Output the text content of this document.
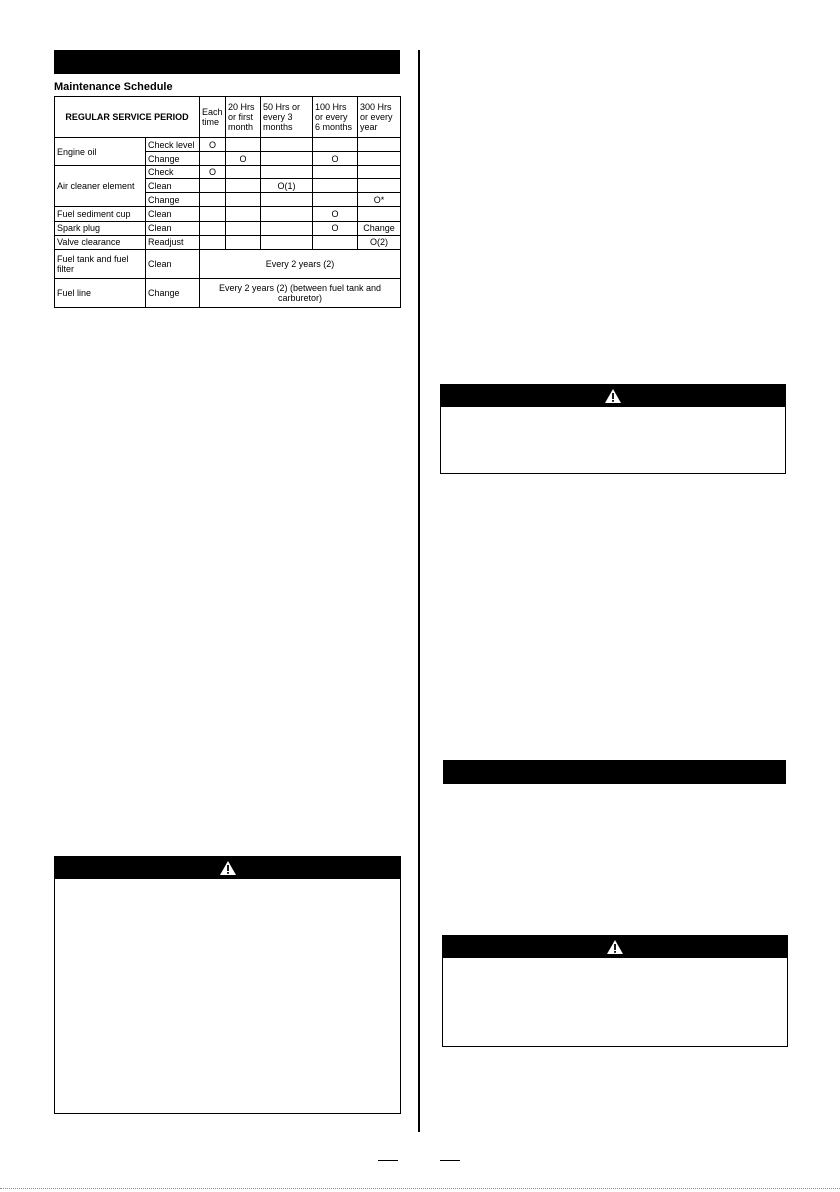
Maintenance Schedule
REGULAR SERVICE PERIOD		Each time	20 Hrs or first month	50 Hrs or every 3 months	100 Hrs or every 6 months	300 Hrs or every year
Engine oil	Check level	O				
	Change		O		O	
Air cleaner element	Check	O				
	Clean			O(1)		
	Change					O*
Fuel sediment cup	Clean				O	
Spark plug	Clean				O	Change
Valve clearance	Readjust					O(2)
Fuel tank and fuel filter	Clean	Every 2 years (2)				
Fuel line	Change	Every 2 years (2) (between fuel tank and carburetor)				
